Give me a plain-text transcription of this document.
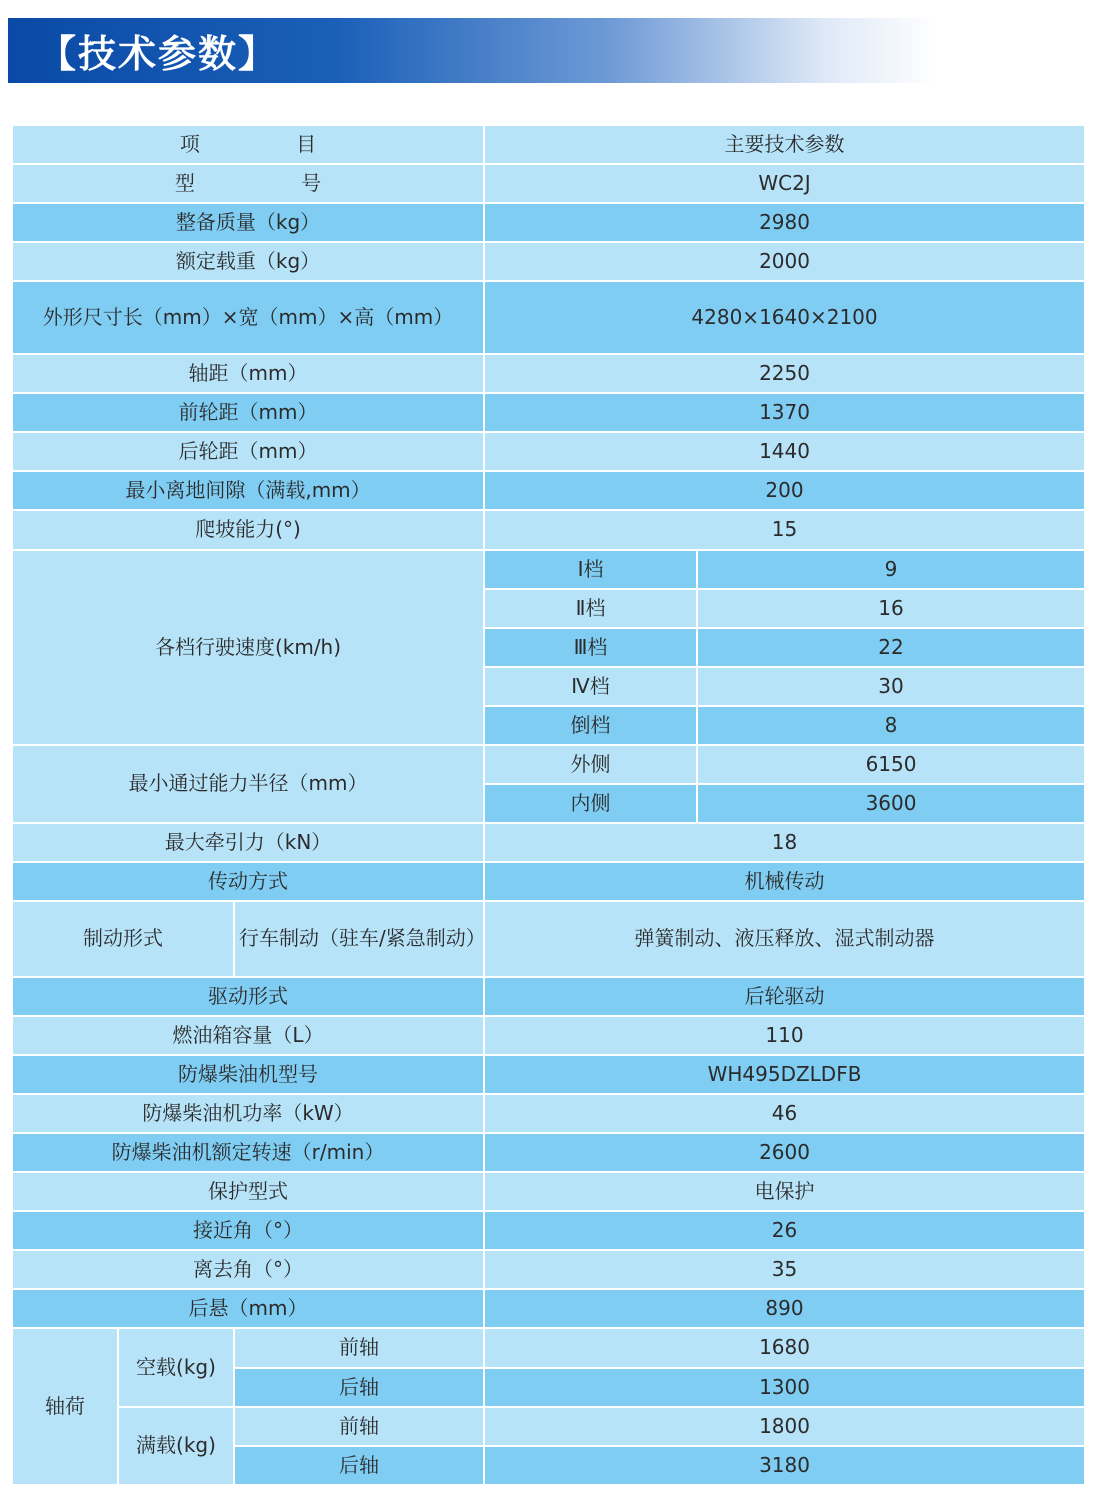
【技术参数】
项 目			主要技术参数	
型 号			WC2J	
整备质量（kg）			2980	
额定载重（kg）			2000	
外形尺寸长（mm）×宽（mm）×高（mm）			4280×1640×2100	
轴距（mm）			2250	
前轮距（mm）			1370	
后轮距（mm）			1440	
最小离地间隙（满载,mm）			200	
爬坡能力(°)			15	
各档行驶速度(km/h)			Ⅰ档	9
			Ⅱ档	16
			Ⅲ档	22
			Ⅳ档	30
			倒档	8
最小通过能力半径（mm）			外侧	6150
			内侧	3600
最大牵引力（kN）			18	
传动方式			机械传动	
制动形式		行车制动（驻车/紧急制动）	弹簧制动、液压释放、湿式制动器	
驱动形式			后轮驱动	
燃油箱容量（L）			110	
防爆柴油机型号			WH495DZLDFB	
防爆柴油机功率（kW）			46	
防爆柴油机额定转速（r/min）			2600	
保护型式			电保护	
接近角（°）			26	
离去角（°）			35	
后悬（mm）			890	
轴荷	空载(kg)	前轴	1680	
		后轴	1300	
	满载(kg)	前轴	1800	
		后轴	3180	
